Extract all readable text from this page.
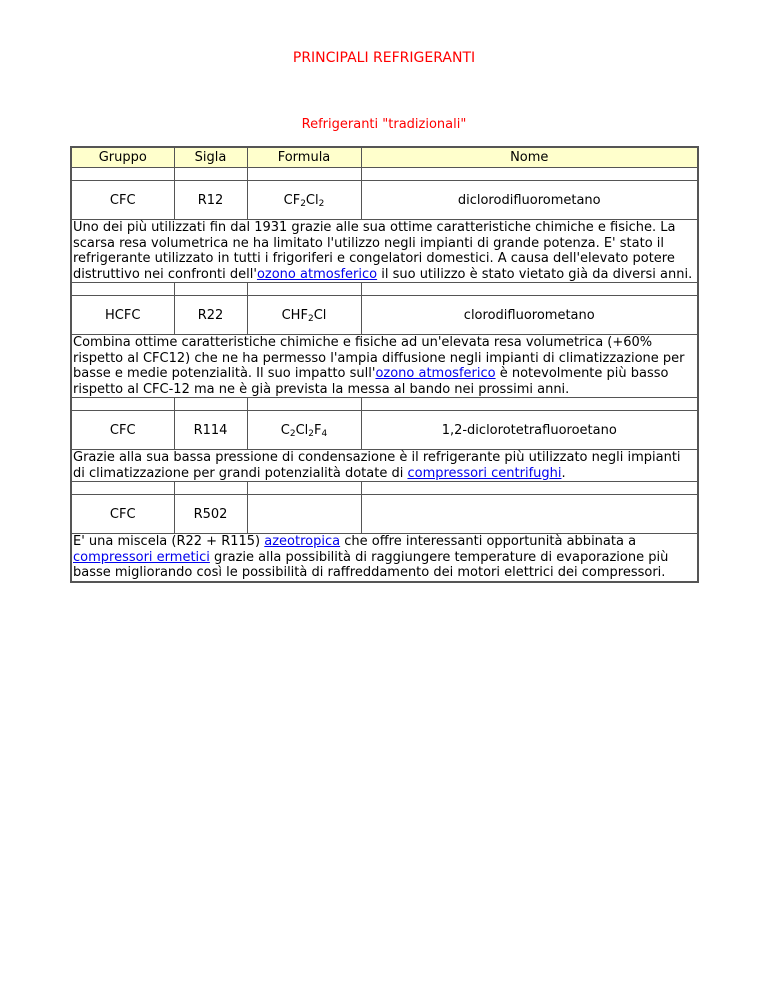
PRINCIPALI REFRIGERANTI
Refrigeranti "tradizionali"
Gruppo	Sigla	Formula	Nome

CFC	R12	$CF_2Cl_2$	diclorodifluorometano
Uno dei più utilizzati fin dal 1931 grazie alle sua ottime caratteristiche chimiche e fisiche. La scarsa resa volumetrica ne ha limitato l'utilizzo negli impianti di grande potenza. E' stato il refrigerante utilizzato in tutti i frigoriferi e congelatori domestici. A causa dell'elevato potere distruttivo nei confronti dell'ozono atmosferico il suo utilizzo è stato vietato già da diversi anni.			

HCFC	R22	$CHF_2Cl$	clorodifluorometano
Combina ottime caratteristiche chimiche e fisiche ad un'elevata resa volumetrica (+60% rispetto al CFC12) che ne ha permesso l'ampia diffusione negli impianti di climatizzazione per basse e medie potenzialità. Il suo impatto sull'ozono atmosferico è notevolmente più basso rispetto al CFC-12 ma ne è già prevista la messa al bando nei prossimi anni.			

CFC	R114	$C_2Cl_2F_4$	1,2-diclorotetrafluoroetano
Grazie alla sua bassa pressione di condensazione è il refrigerante più utilizzato negli impianti di climatizzazione per grandi potenzialità dotate di compressori centrifughi.			

CFC	R502		
E' una miscela (R22 + R115) azeotropica che offre interessanti opportunità abbinata a compressori ermetici grazie alla possibilità di raggiungere temperature di evaporazione più basse migliorando così le possibilità di raffreddamento dei motori elettrici dei compressori.			
